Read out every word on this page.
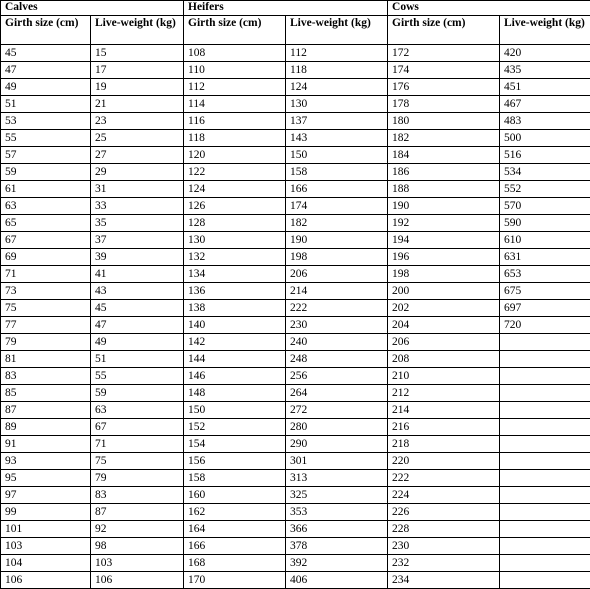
Calves		Heifers		Cows	
Girth size (cm)	Live-weight (kg)	Girth size (cm)	Live-weight (kg)	Girth size (cm)	Live-weight (kg)
45	15	108	112	172	420
47	17	110	118	174	435
49	19	112	124	176	451
51	21	114	130	178	467
53	23	116	137	180	483
55	25	118	143	182	500
57	27	120	150	184	516
59	29	122	158	186	534
61	31	124	166	188	552
63	33	126	174	190	570
65	35	128	182	192	590
67	37	130	190	194	610
69	39	132	198	196	631
71	41	134	206	198	653
73	43	136	214	200	675
75	45	138	222	202	697
77	47	140	230	204	720
79	49	142	240	206	
81	51	144	248	208	
83	55	146	256	210	
85	59	148	264	212	
87	63	150	272	214	
89	67	152	280	216	
91	71	154	290	218	
93	75	156	301	220	
95	79	158	313	222	
97	83	160	325	224	
99	87	162	353	226	
101	92	164	366	228	
103	98	166	378	230	
104	103	168	392	232	
106	106	170	406	234	
